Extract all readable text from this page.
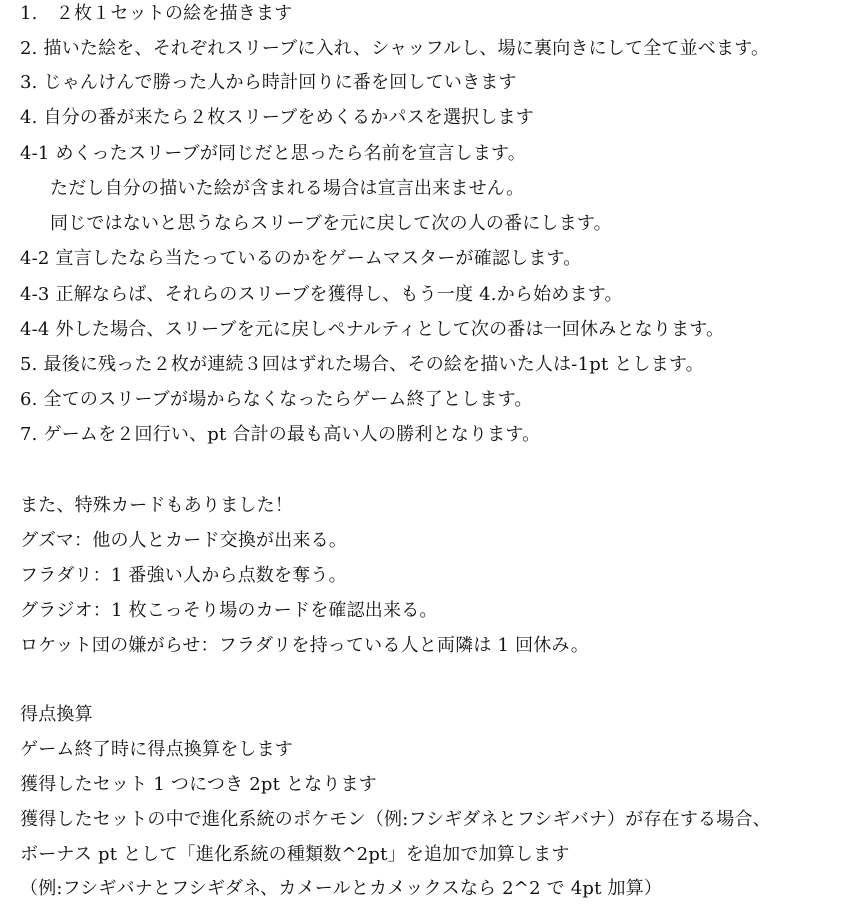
1.　２枚１セットの絵を描きます
2. 描いた絵を、それぞれスリーブに入れ、シャッフルし、場に裏向きにして全て並べます。
3. じゃんけんで勝った人から時計回りに番を回していきます
4. 自分の番が来たら２枚スリーブをめくるかパスを選択します
4-1 めくったスリーブが同じだと思ったら名前を宣言します。
ただし自分の描いた絵が含まれる場合は宣言出来ません。
同じではないと思うならスリーブを元に戻して次の人の番にします。
4-2 宣言したなら当たっているのかをゲームマスターが確認します。
4-3 正解ならば、それらのスリーブを獲得し、もう一度 4.から始めます。
4-4 外した場合、スリーブを元に戻しペナルティとして次の番は一回休みとなります。
5. 最後に残った２枚が連続３回はずれた場合、その絵を描いた人は-1pt とします。
6. 全てのスリーブが場からなくなったらゲーム終了とします。
7. ゲームを２回行い、pt 合計の最も高い人の勝利となります。
また、特殊カードもありました！
グズマ：他の人とカード交換が出来る。
フラダリ：1 番強い人から点数を奪う。
グラジオ：1 枚こっそり場のカードを確認出来る。
ロケット団の嫌がらせ：フラダリを持っている人と両隣は 1 回休み。
得点換算
ゲーム終了時に得点換算をします
獲得したセット 1 つにつき 2pt となります
獲得したセットの中で進化系統のポケモン（例:フシギダネとフシギバナ）が存在する場合、
ボーナス pt として「進化系統の種類数^2pt」を追加で加算します
（例:フシギバナとフシギダネ、カメールとカメックスなら 2^2 で 4pt 加算）
